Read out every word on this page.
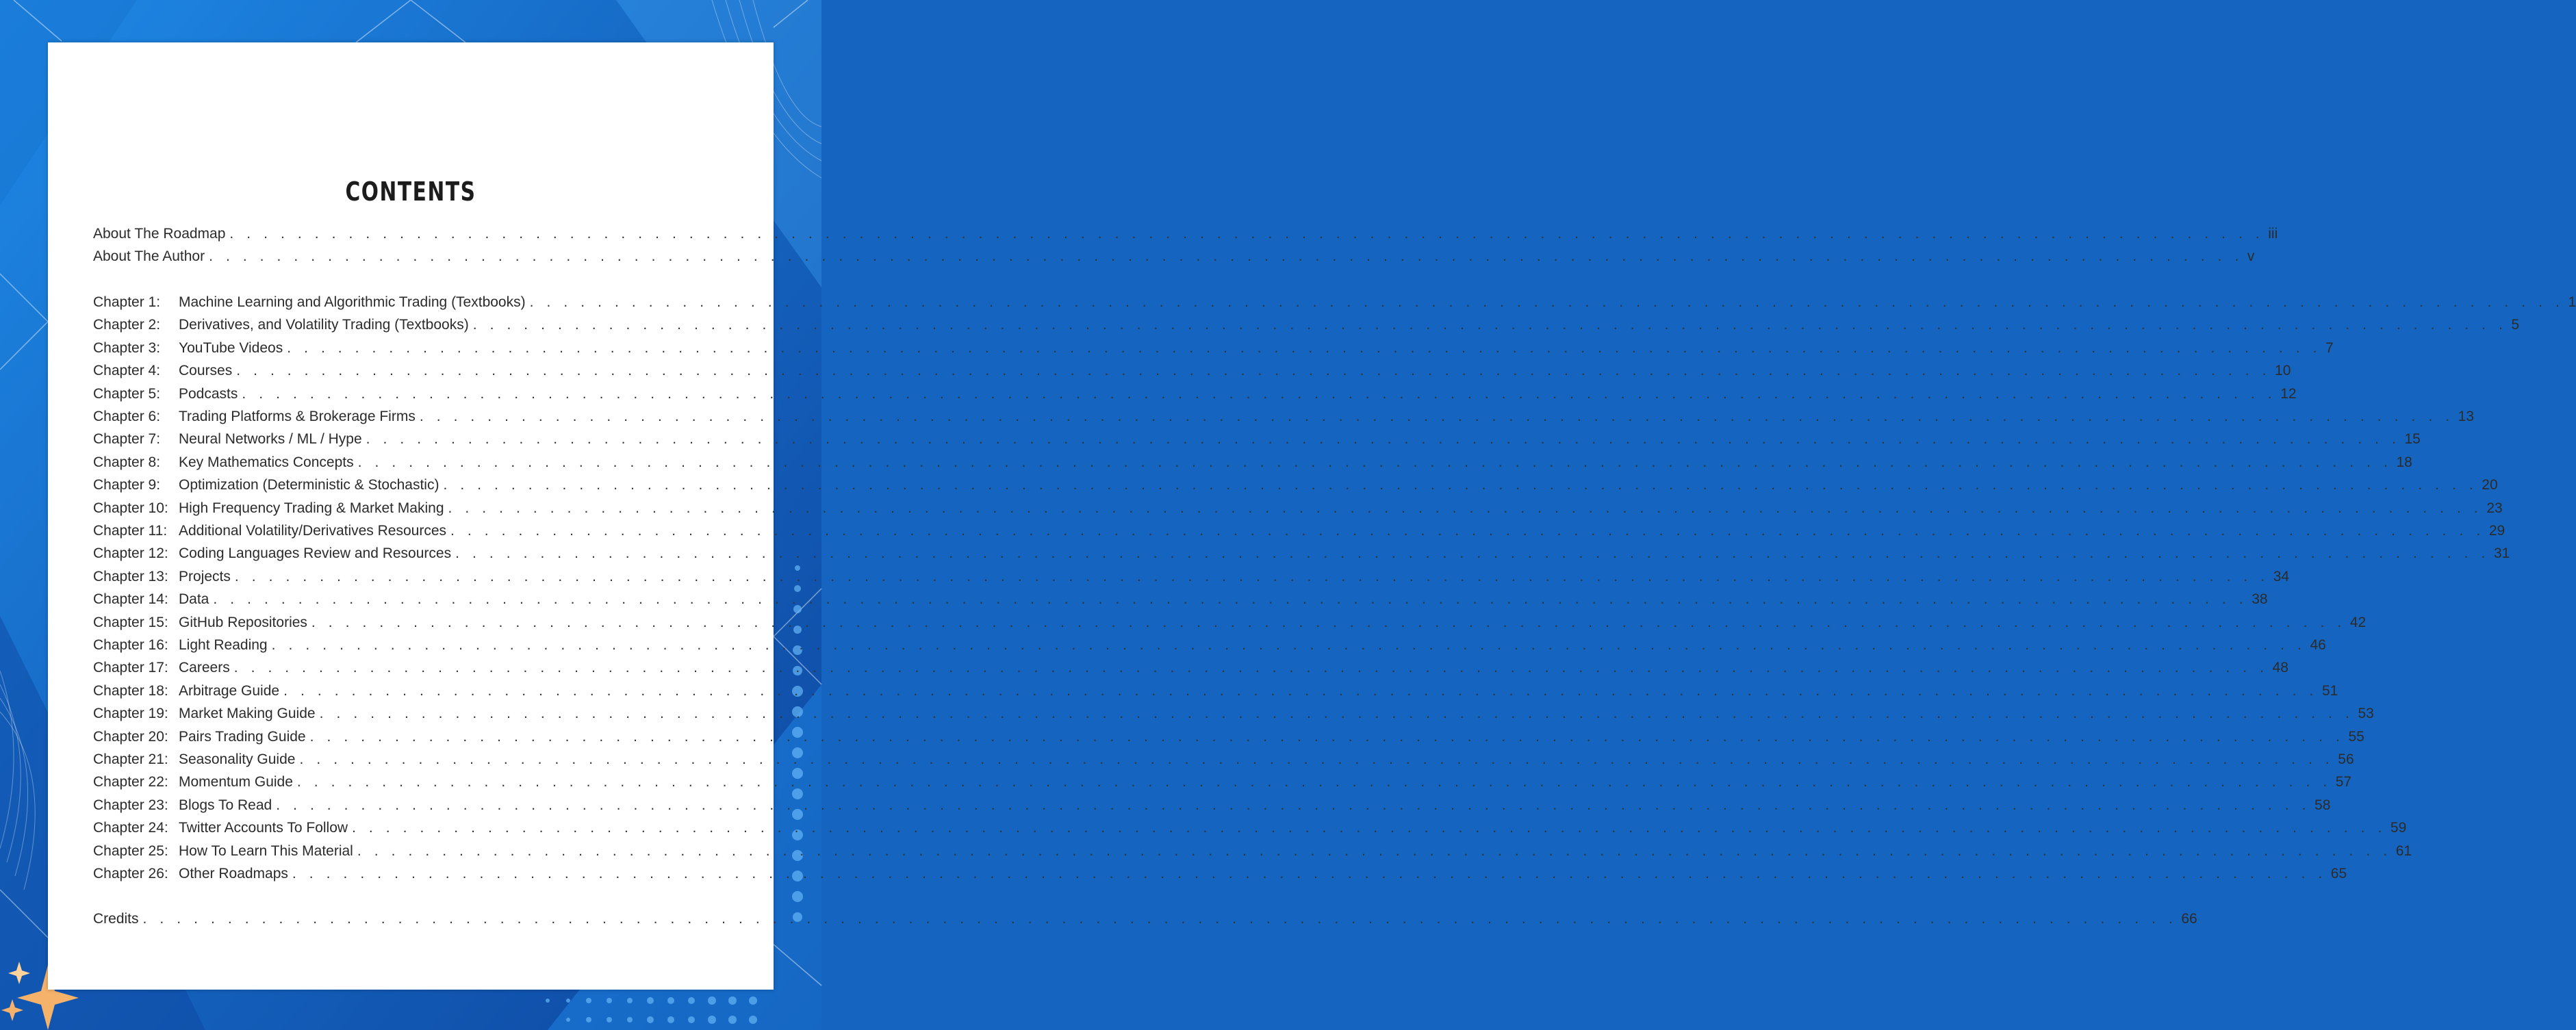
CONTENTS
About The Roadmap . . . . . . . . . . . . . . . . . . . . . . . . . . . . . . . . . . . . . . . . . . . . . . . . . . . . . . . . . . . . . . . . . . . . . . . . . . . . . . . . . . . . . . . . . . . . . . . . . . . . . . . . . . . . . . . . . . . . . . . . iii
About The Author . . . . . . . . . . . . . . . . . . . . . . . . . . . . . . . . . . . . . . . . . . . . . . . . . . . . . . . . . . . . . . . . . . . . . . . . . . . . . . . . . . . . . . . . . . . . . . . . . . . . . . . . . . . . . . . . . . . . . . . . v
Chapter 1:	Machine Learning and Algorithmic Trading (Textbooks) . . . . . . . . . . . . . . . . . . . . . . . . . . . . . . . . . . . . . . . . . . . . . . . . . . . . . . . . . . . . . . . . . . . . . . . . . . . . . . . . . . . . . . . . . . . . . . . . . . . . . . . . . . . . . . . . . . . . . . . . 1
Chapter 2:	Derivatives, and Volatility Trading (Textbooks) . . . . . . . . . . . . . . . . . . . . . . . . . . . . . . . . . . . . . . . . . . . . . . . . . . . . . . . . . . . . . . . . . . . . . . . . . . . . . . . . . . . . . . . . . . . . . . . . . . . . . . . . . . . . . . . . . . . . . . . . 5
Chapter 3:	YouTube Videos . . . . . . . . . . . . . . . . . . . . . . . . . . . . . . . . . . . . . . . . . . . . . . . . . . . . . . . . . . . . . . . . . . . . . . . . . . . . . . . . . . . . . . . . . . . . . . . . . . . . . . . . . . . . . . . . . . . . . . . . 7
Chapter 4:	Courses . . . . . . . . . . . . . . . . . . . . . . . . . . . . . . . . . . . . . . . . . . . . . . . . . . . . . . . . . . . . . . . . . . . . . . . . . . . . . . . . . . . . . . . . . . . . . . . . . . . . . . . . . . . . . . . . . . . . . . . . 10
Chapter 5:	Podcasts . . . . . . . . . . . . . . . . . . . . . . . . . . . . . . . . . . . . . . . . . . . . . . . . . . . . . . . . . . . . . . . . . . . . . . . . . . . . . . . . . . . . . . . . . . . . . . . . . . . . . . . . . . . . . . . . . . . . . . . . 12
Chapter 6:	Trading Platforms & Brokerage Firms . . . . . . . . . . . . . . . . . . . . . . . . . . . . . . . . . . . . . . . . . . . . . . . . . . . . . . . . . . . . . . . . . . . . . . . . . . . . . . . . . . . . . . . . . . . . . . . . . . . . . . . . . . . . . . . . . . . . . . . . 13
Chapter 7:	Neural Networks / ML / Hype . . . . . . . . . . . . . . . . . . . . . . . . . . . . . . . . . . . . . . . . . . . . . . . . . . . . . . . . . . . . . . . . . . . . . . . . . . . . . . . . . . . . . . . . . . . . . . . . . . . . . . . . . . . . . . . . . . . . . . . . 15
Chapter 8:	Key Mathematics Concepts . . . . . . . . . . . . . . . . . . . . . . . . . . . . . . . . . . . . . . . . . . . . . . . . . . . . . . . . . . . . . . . . . . . . . . . . . . . . . . . . . . . . . . . . . . . . . . . . . . . . . . . . . . . . . . . . . . . . . . . . 18
Chapter 9:	Optimization (Deterministic & Stochastic) . . . . . . . . . . . . . . . . . . . . . . . . . . . . . . . . . . . . . . . . . . . . . . . . . . . . . . . . . . . . . . . . . . . . . . . . . . . . . . . . . . . . . . . . . . . . . . . . . . . . . . . . . . . . . . . . . . . . . . . . 20
Chapter 10: High Frequency Trading & Market Making . . . . . . . . . . . . . . . . . . . . . . . . . . . . . . . . . . . . . . . . . . . . . . . . . . . . . . . . . . . . . . . . . . . . . . . . . . . . . . . . . . . . . . . . . . . . . . . . . . . . . . . . . . . . . . . . . . . . . . . . 23
Chapter 11: Additional Volatility/Derivatives Resources . . . . . . . . . . . . . . . . . . . . . . . . . . . . . . . . . . . . . . . . . . . . . . . . . . . . . . . . . . . . . . . . . . . . . . . . . . . . . . . . . . . . . . . . . . . . . . . . . . . . . . . . . . . . . . . . . . . . . . . . 29
Chapter 12: Coding Languages Review and Resources . . . . . . . . . . . . . . . . . . . . . . . . . . . . . . . . . . . . . . . . . . . . . . . . . . . . . . . . . . . . . . . . . . . . . . . . . . . . . . . . . . . . . . . . . . . . . . . . . . . . . . . . . . . . . . . . . . . . . . . . 31
Chapter 13: Projects . . . . . . . . . . . . . . . . . . . . . . . . . . . . . . . . . . . . . . . . . . . . . . . . . . . . . . . . . . . . . . . . . . . . . . . . . . . . . . . . . . . . . . . . . . . . . . . . . . . . . . . . . . . . . . . . . . . . . . . . 34
Chapter 14: Data . . . . . . . . . . . . . . . . . . . . . . . . . . . . . . . . . . . . . . . . . . . . . . . . . . . . . . . . . . . . . . . . . . . . . . . . . . . . . . . . . . . . . . . . . . . . . . . . . . . . . . . . . . . . . . . . . . . . . . . . 38
Chapter 15: GitHub Repositories . . . . . . . . . . . . . . . . . . . . . . . . . . . . . . . . . . . . . . . . . . . . . . . . . . . . . . . . . . . . . . . . . . . . . . . . . . . . . . . . . . . . . . . . . . . . . . . . . . . . . . . . . . . . . . . . . . . . . . . . 42
Chapter 16: Light Reading . . . . . . . . . . . . . . . . . . . . . . . . . . . . . . . . . . . . . . . . . . . . . . . . . . . . . . . . . . . . . . . . . . . . . . . . . . . . . . . . . . . . . . . . . . . . . . . . . . . . . . . . . . . . . . . . . . . . . . . . 46
Chapter 17: Careers . . . . . . . . . . . . . . . . . . . . . . . . . . . . . . . . . . . . . . . . . . . . . . . . . . . . . . . . . . . . . . . . . . . . . . . . . . . . . . . . . . . . . . . . . . . . . . . . . . . . . . . . . . . . . . . . . . . . . . . . 48
Chapter 18: Arbitrage Guide . . . . . . . . . . . . . . . . . . . . . . . . . . . . . . . . . . . . . . . . . . . . . . . . . . . . . . . . . . . . . . . . . . . . . . . . . . . . . . . . . . . . . . . . . . . . . . . . . . . . . . . . . . . . . . . . . . . . . . . . 51
Chapter 19: Market Making Guide . . . . . . . . . . . . . . . . . . . . . . . . . . . . . . . . . . . . . . . . . . . . . . . . . . . . . . . . . . . . . . . . . . . . . . . . . . . . . . . . . . . . . . . . . . . . . . . . . . . . . . . . . . . . . . . . . . . . . . . . 53
Chapter 20: Pairs Trading Guide . . . . . . . . . . . . . . . . . . . . . . . . . . . . . . . . . . . . . . . . . . . . . . . . . . . . . . . . . . . . . . . . . . . . . . . . . . . . . . . . . . . . . . . . . . . . . . . . . . . . . . . . . . . . . . . . . . . . . . . . 55
Chapter 21: Seasonality Guide . . . . . . . . . . . . . . . . . . . . . . . . . . . . . . . . . . . . . . . . . . . . . . . . . . . . . . . . . . . . . . . . . . . . . . . . . . . . . . . . . . . . . . . . . . . . . . . . . . . . . . . . . . . . . . . . . . . . . . . . 56
Chapter 22: Momentum Guide . . . . . . . . . . . . . . . . . . . . . . . . . . . . . . . . . . . . . . . . . . . . . . . . . . . . . . . . . . . . . . . . . . . . . . . . . . . . . . . . . . . . . . . . . . . . . . . . . . . . . . . . . . . . . . . . . . . . . . . . 57
Chapter 23: Blogs To Read . . . . . . . . . . . . . . . . . . . . . . . . . . . . . . . . . . . . . . . . . . . . . . . . . . . . . . . . . . . . . . . . . . . . . . . . . . . . . . . . . . . . . . . . . . . . . . . . . . . . . . . . . . . . . . . . . . . . . . . . 58
Chapter 24: Twitter Accounts To Follow . . . . . . . . . . . . . . . . . . . . . . . . . . . . . . . . . . . . . . . . . . . . . . . . . . . . . . . . . . . . . . . . . . . . . . . . . . . . . . . . . . . . . . . . . . . . . . . . . . . . . . . . . . . . . . . . . . . . . . . . 59
Chapter 25: How To Learn This Material . . . . . . . . . . . . . . . . . . . . . . . . . . . . . . . . . . . . . . . . . . . . . . . . . . . . . . . . . . . . . . . . . . . . . . . . . . . . . . . . . . . . . . . . . . . . . . . . . . . . . . . . . . . . . . . . . . . . . . . . 61
Chapter 26: Other Roadmaps . . . . . . . . . . . . . . . . . . . . . . . . . . . . . . . . . . . . . . . . . . . . . . . . . . . . . . . . . . . . . . . . . . . . . . . . . . . . . . . . . . . . . . . . . . . . . . . . . . . . . . . . . . . . . . . . . . . . . . . . 65
Credits . . . . . . . . . . . . . . . . . . . . . . . . . . . . . . . . . . . . . . . . . . . . . . . . . . . . . . . . . . . . . . . . . . . . . . . . . . . . . . . . . . . . . . . . . . . . . . . . . . . . . . . . . . . . . . . . . . . . . . . . 66
